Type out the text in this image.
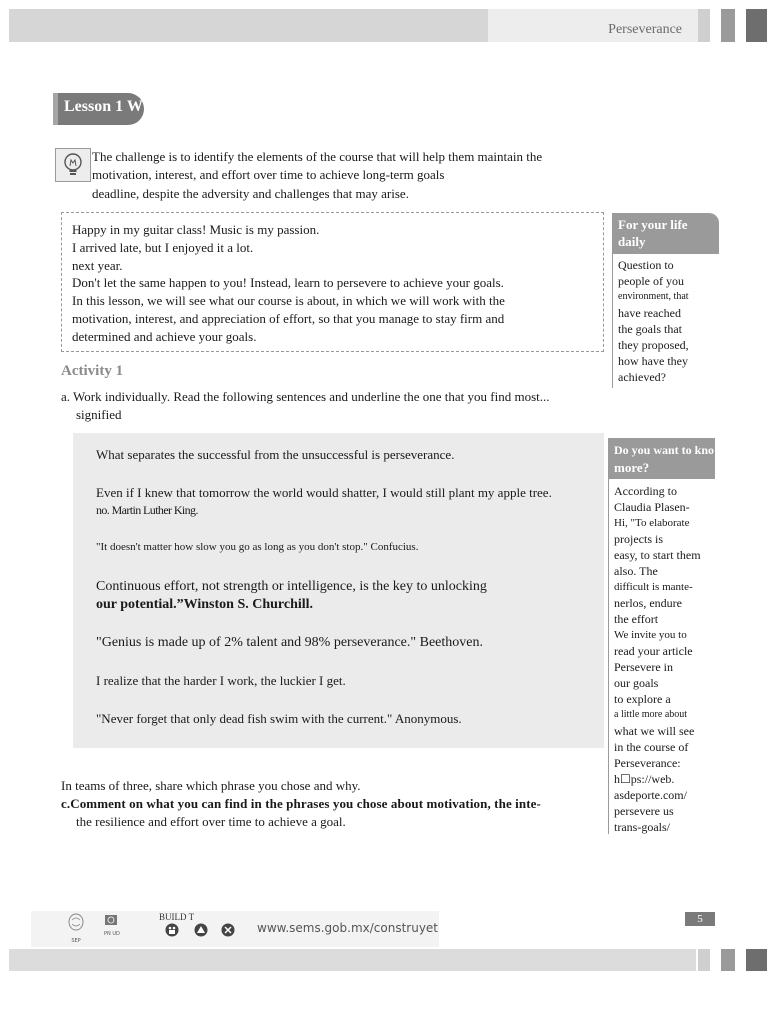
Perseverance
Lesson 1 W
The challenge is to identify the elements of the course that will help them maintain the
motivation, interest, and effort over time to achieve long-term goals
deadline, despite the adversity and challenges that may arise.
Happy in my guitar class! Music is my passion.
I arrived late, but I enjoyed it a lot.
next year.
Don't let the same happen to you! Instead, learn to persevere to achieve your goals.
In this lesson, we will see what our course is about, in which we will work with the
motivation, interest, and appreciation of effort, so that you manage to stay firm and
determined and achieve your goals.
Activity 1
a. Work individually. Read the following sentences and underline the one that you find most...
signified
What separates the successful from the unsuccessful is perseverance.
Even if I knew that tomorrow the world would shatter, I would still plant my apple tree.
no. Martin Luther King.
"It doesn't matter how slow you go as long as you don't stop." Confucius.
Continuous effort, not strength or intelligence, is the key to unlocking
our potential.”Winston S. Churchill.
"Genius is made up of 2% talent and 98% perseverance." Beethoven.
I realize that the harder I work, the luckier I get.
"Never forget that only dead fish swim with the current." Anonymous.
In teams of three, share which phrase you chose and why.
c.Comment on what you can find in the phrases you chose about motivation, the inte-
the resilience and effort over time to achieve a goal.
For your life
daily
Question to
people of you
environment, that
have reached
the goals that
they proposed,
how have they
achieved?
Do you want to kno
more?
According to
Claudia Plasen-
Hi, "To elaborate
projects is
easy, to start them
also. The
difficult is mante-
nerlos, endure
the effort
We invite you to
read your article
Persevere in
our goals
to explore a
a little more about
what we will see
in the course of
Perseverance:
h☐ps://web.
asdeporte.com/
persevere us
trans-goals/
SEP
PN UD
BUILD T
www.sems.gob.mx/construyet
5
